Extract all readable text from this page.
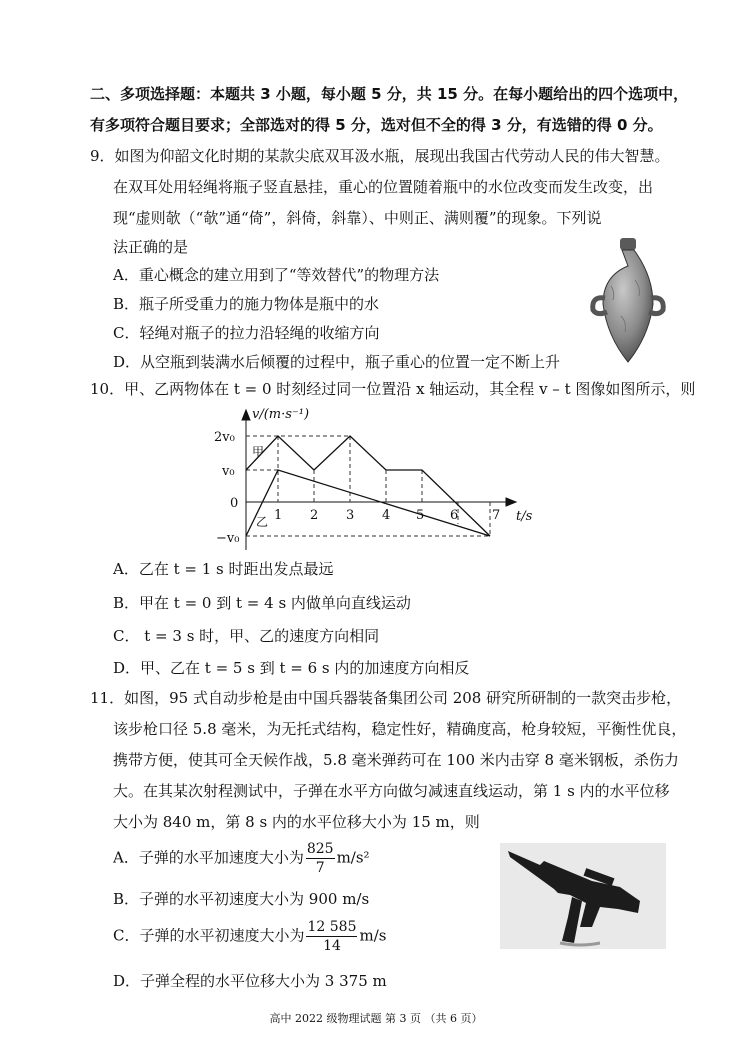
二、多项选择题：本题共 3 小题，每小题 5 分，共 15 分。在每小题给出的四个选项中，
有多项符合题目要求；全部选对的得 5 分，选对但不全的得 3 分，有选错的得 0 分。
9．如图为仰韶文化时期的某款尖底双耳汲水瓶，展现出我国古代劳动人民的伟大智慧。
在双耳处用轻绳将瓶子竖直悬挂，重心的位置随着瓶中的水位改变而发生改变，出
现“虚则欹（“欹”通“倚”，斜倚，斜靠）、中则正、满则覆”的现象。下列说
法正确的是
A．重心概念的建立用到了“等效替代”的物理方法
B．瓶子所受重力的施力物体是瓶中的水
C．轻绳对瓶子的拉力沿轻绳的收缩方向
D．从空瓶到装满水后倾覆的过程中，瓶子重心的位置一定不断上升
10．甲、乙两物体在 t = 0 时刻经过同一位置沿 x 轴运动，其全程 v – t 图像如图所示，则
v/(m·s⁻¹)
t/s
2v₀
v₀
0
−v₀
1 2 3 4 5 6	7
甲
乙
A．乙在 t = 1 s 时距出发点最远
B．甲在 t = 0 到 t = 4 s 内做单向直线运动
C． t = 3 s 时，甲、乙的速度方向相同
D．甲、乙在 t = 5 s 到 t = 6 s 内的加速度方向相反
11．如图，95 式自动步枪是由中国兵器装备集团公司 208 研究所研制的一款突击步枪，
该步枪口径 5.8 毫米，为无托式结构，稳定性好，精确度高，枪身较短，平衡性优良，
携带方便，使其可全天候作战，5.8 毫米弹药可在 100 米内击穿 8 毫米钢板，杀伤力
大。在其某次射程测试中，子弹在水平方向做匀减速直线运动，第 1 s 内的水平位移
大小为 840 m，第 8 s 内的水平位移大小为 15 m，则
A．子弹的水平加速度大小为 $\frac{825}{7} m/s^2$
B．子弹的水平初速度大小为 900 m/s
C．子弹的水平初速度大小为 $\frac{12 585}{14} m/s$
D．子弹全程的水平位移大小为 3 375 m
高中 2022 级物理试题 第 3 页 （共 6 页）
